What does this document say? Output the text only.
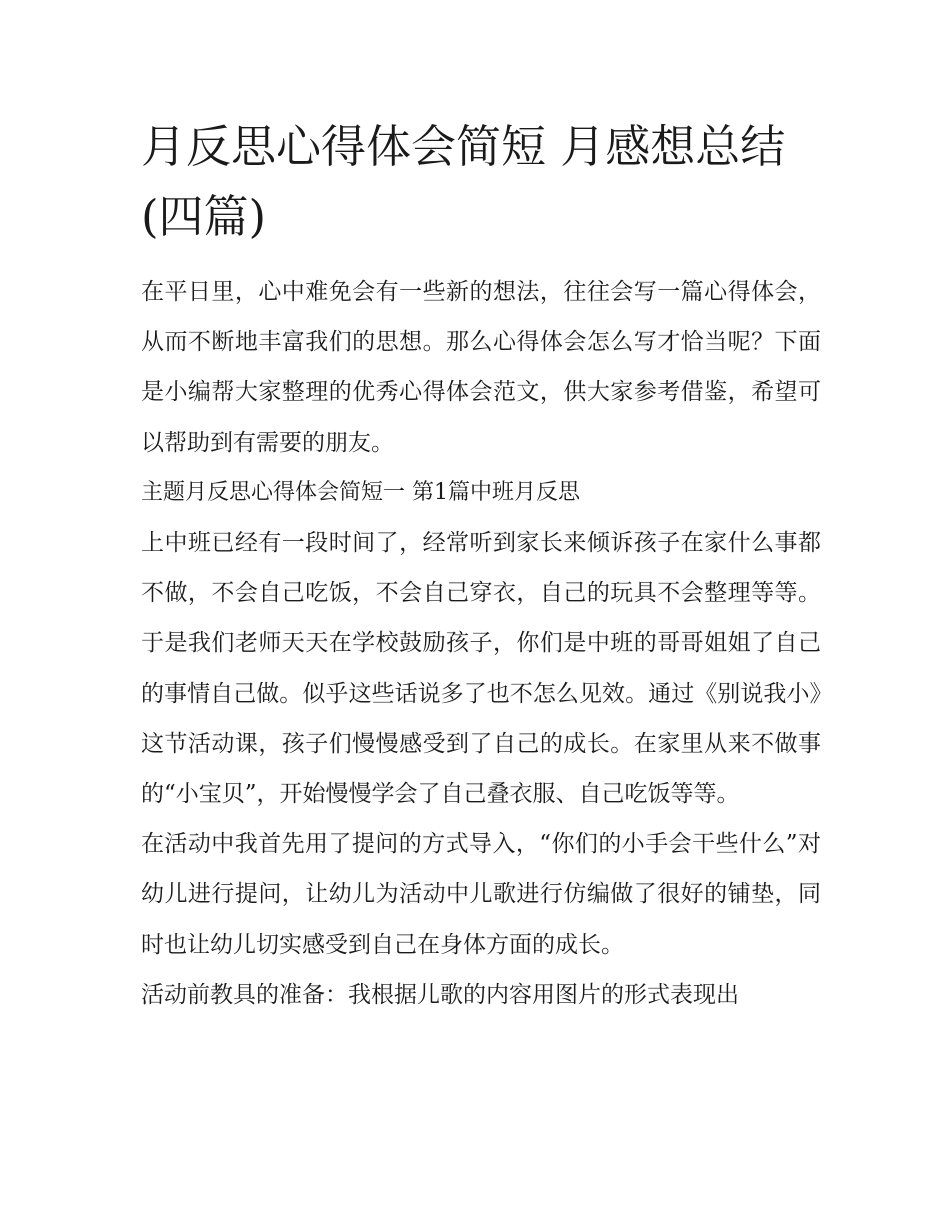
月反思心得体会简短 月感想总结(四篇)

在平日里，心中难免会有一些新的想法，往往会写一篇心得体会，从而不断地丰富我们的思想。那么心得体会怎么写才恰当呢？下面是小编帮大家整理的优秀心得体会范文，供大家参考借鉴，希望可以帮助到有需要的朋友。

主题月反思心得体会简短一 第1篇中班月反思

上中班已经有一段时间了，经常听到家长来倾诉孩子在家什么事都不做，不会自己吃饭，不会自己穿衣，自己的玩具不会整理等等。于是我们老师天天在学校鼓励孩子，你们是中班的哥哥姐姐了自己的事情自己做。似乎这些话说多了也不怎么见效。通过《别说我小》这节活动课，孩子们慢慢感受到了自己的成长。在家里从来不做事的“小宝贝”，开始慢慢学会了自己叠衣服、自己吃饭等等。

在活动中我首先用了提问的方式导入，“你们的小手会干些什么”对幼儿进行提问，让幼儿为活动中儿歌进行仿编做了很好的铺垫，同时也让幼儿切实感受到自己在身体方面的成长。

活动前教具的准备：我根据儿歌的内容用图片的形式表现出
